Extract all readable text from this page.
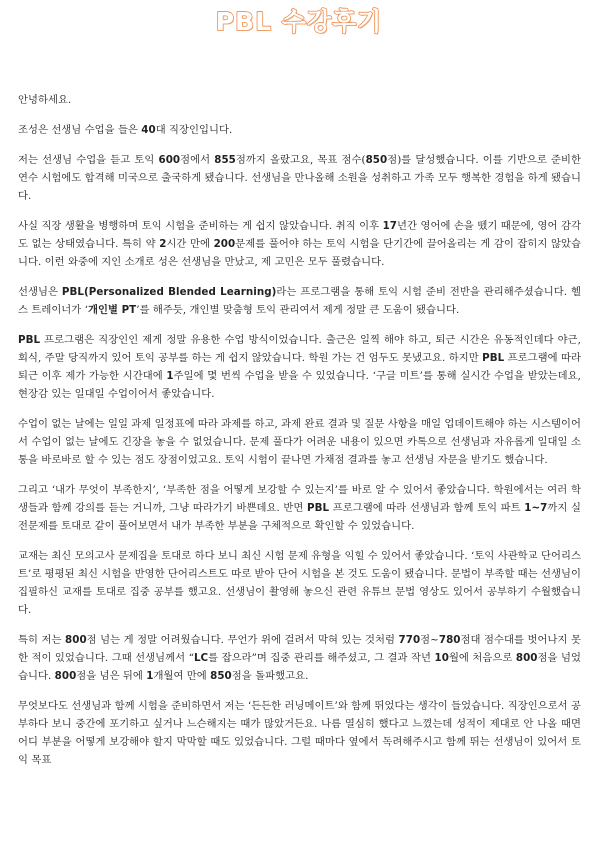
PBL 수강후기

안녕하세요.

조성은 선생님 수업을 들은 40대 직장인입니다.

저는 선생님 수업을 듣고 토익 600점에서 855점까지 올랐고요, 목표 점수(850점)를 달성했습니다. 이를 기반으로 준비한 연수 시험에도 합격해 미국으로 출국하게 됐습니다. 선생님을 만나올해 소원을 성취하고 가족 모두 행복한 경험을 하게 됐습니다.

사실 직장 생활을 병행하며 토익 시험을 준비하는 게 쉽지 않았습니다. 취직 이후 17년간 영어에 손을 뗐기 때문에, 영어 감각도 없는 상태였습니다. 특히 약 2시간 만에 200문제를 풀어야 하는 토익 시험을 단기간에 끌어올리는 게 감이 잡히지 않았습니다. 이런 와중에 지인 소개로 성은 선생님을 만났고, 제 고민은 모두 풀렸습니다.

선생님은 PBL(Personalized Blended Learning)라는 프로그램을 통해 토익 시험 준비 전반을 관리해주셨습니다. 헬스 트레이너가 ‘개인별 PT’를 해주듯, 개인별 맞춤형 토익 관리여서 제게 정말 큰 도움이 됐습니다.

PBL 프로그램은 직장인인 제게 정말 유용한 수업 방식이었습니다. 출근은 일찍 해야 하고, 퇴근 시간은 유동적인데다 야근, 회식, 주말 당직까지 있어 토익 공부를 하는 게 쉽지 않았습니다. 학원 가는 건 엄두도 못냈고요. 하지만 PBL 프로그램에 따라 퇴근 이후 제가 가능한 시간대에 1주일에 몇 번씩 수업을 받을 수 있었습니다. ‘구글 미트’를 통해 실시간 수업을 받았는데요, 현장감 있는 일대일 수업이어서 좋았습니다.

수업이 없는 날에는 일일 과제 일정표에 따라 과제를 하고, 과제 완료 결과 및 질문 사항을 매일 업데이트해야 하는 시스템이어서 수업이 없는 날에도 긴장을 놓을 수 없었습니다. 문제 풀다가 어려운 내용이 있으면 카톡으로 선생님과 자유롭게 일대일 소통을 바로바로 할 수 있는 점도 장점이었고요. 토익 시험이 끝나면 가채점 결과를 놓고 선생님 자문을 받기도 했습니다.

그리고 ‘내가 무엇이 부족한지’, ‘부족한 점을 어떻게 보강할 수 있는지’를 바로 알 수 있어서 좋았습니다. 학원에서는 여러 학생들과 함께 강의를 듣는 거니까, 그냥 따라가기 바쁜데요. 반면 PBL 프로그램에 따라 선생님과 함께 토익 파트 1~7까지 실전문제를 토대로 같이 풀어보면서 내가 부족한 부분을 구체적으로 확인할 수 있었습니다.

교재는 최신 모의고사 문제집을 토대로 하다 보니 최신 시험 문제 유형을 익힐 수 있어서 좋았습니다. ‘토익 사관학교 단어리스트’로 평평된 최신 시험을 반영한 단어리스트도 따로 받아 단어 시험을 본 것도 도움이 됐습니다. 문법이 부족할 때는 선생님이 집필하신 교재를 토대로 집중 공부를 했고요. 선생님이 촬영해 놓으신 관련 유튜브 문법 영상도 있어서 공부하기 수월했습니다.

특히 저는 800점 넘는 게 정말 어려웠습니다. 무언가 위에 걸려서 막혀 있는 것처럼 770점~780점대 점수대를 벗어나지 못한 적이 있었습니다. 그때 선생님께서 “LC를 잡으라”며 집중 관리를 해주셨고, 그 결과 작년 10월에 처음으로 800점을 넘었습니다. 800점을 넘은 뒤에 1개월여 만에 850점을 돌파했고요.

무엇보다도 선생님과 함께 시험을 준비하면서 저는 ‘든든한 러닝메이트’와 함께 뛰었다는 생각이 들었습니다. 직장인으로서 공부하다 보니 중간에 포기하고 싶거나 느슨해지는 때가 많았거든요. 나름 열심히 했다고 느꼈는데 성적이 제대로 안 나올 때면 어디 부분을 어떻게 보강해야 할지 막막할 때도 있었습니다. 그럴 때마다 옆에서 독려해주시고 함께 뛰는 선생님이 있어서 토익 목표
